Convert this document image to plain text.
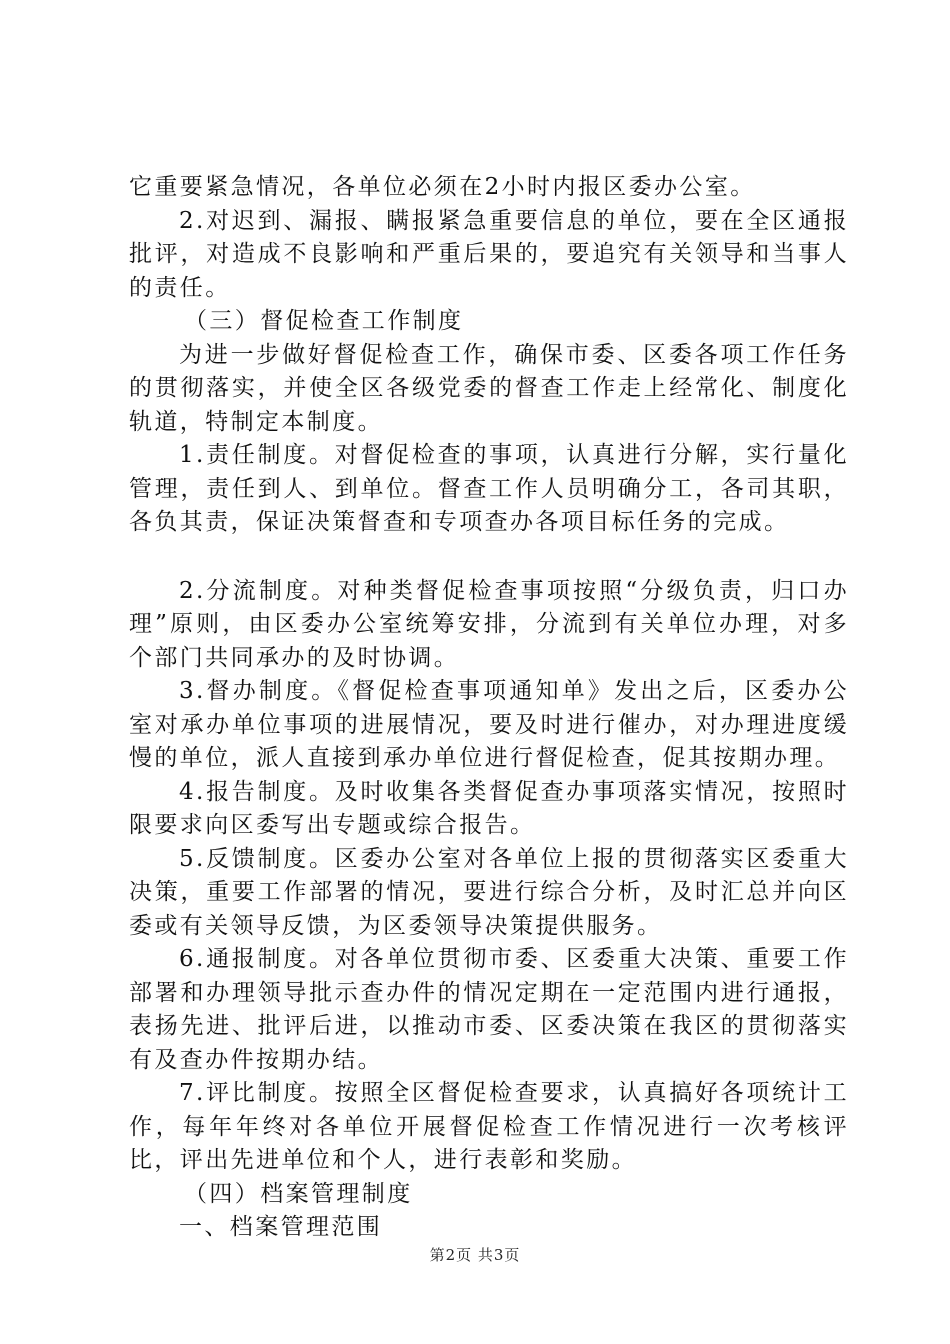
它重要紧急情况，各单位必须在2小时内报区委办公室。

2.对迟到、漏报、瞒报紧急重要信息的单位，要在全区通报批评，对造成不良影响和严重后果的，要追究有关领导和当事人的责任。

（三）督促检查工作制度

为进一步做好督促检查工作，确保市委、区委各项工作任务的贯彻落实，并使全区各级党委的督查工作走上经常化、制度化轨道，特制定本制度。

1.责任制度。对督促检查的事项，认真进行分解，实行量化管理，责任到人、到单位。督查工作人员明确分工，各司其职，各负其责，保证决策督查和专项查办各项目标任务的完成。

2.分流制度。对种类督促检查事项按照“分级负责，归口办理”原则，由区委办公室统筹安排，分流到有关单位办理，对多个部门共同承办的及时协调。

3.督办制度。《督促检查事项通知单》发出之后，区委办公室对承办单位事项的进展情况，要及时进行催办，对办理进度缓慢的单位，派人直接到承办单位进行督促检查，促其按期办理。

4.报告制度。及时收集各类督促查办事项落实情况，按照时限要求向区委写出专题或综合报告。

5.反馈制度。区委办公室对各单位上报的贯彻落实区委重大决策，重要工作部署的情况，要进行综合分析，及时汇总并向区委或有关领导反馈，为区委领导决策提供服务。

6.通报制度。对各单位贯彻市委、区委重大决策、重要工作部署和办理领导批示查办件的情况定期在一定范围内进行通报，表扬先进、批评后进，以推动市委、区委决策在我区的贯彻落实有及查办件按期办结。

7.评比制度。按照全区督促检查要求，认真搞好各项统计工作，每年年终对各单位开展督促检查工作情况进行一次考核评比，评出先进单位和个人，进行表彰和奖励。

（四）档案管理制度

一、档案管理范围

第2页 共3页
